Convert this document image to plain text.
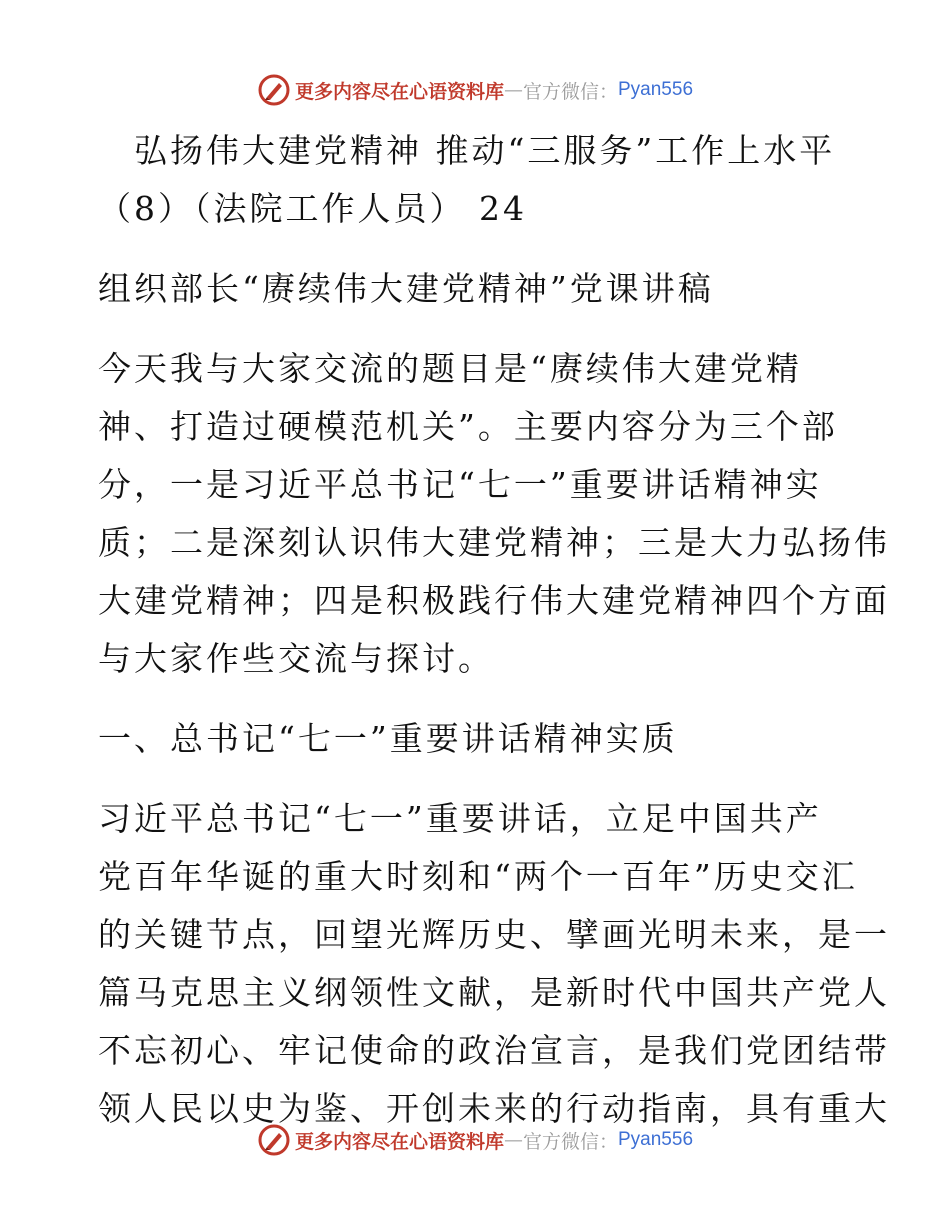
更多内容尽在心语资料库 — 官方微信： Pyan556
　弘扬伟大建党精神 推动“三服务”工作上水平
（8）（法院工作人员） 24
组织部长“赓续伟大建党精神”党课讲稿
今天我与大家交流的题目是“赓续伟大建党精
神、打造过硬模范机关”。主要内容分为三个部
分，一是习近平总书记“七一”重要讲话精神实
质；二是深刻认识伟大建党精神；三是大力弘扬伟
大建党精神；四是积极践行伟大建党精神四个方面
与大家作些交流与探讨。
一、总书记“七一”重要讲话精神实质
习近平总书记“七一”重要讲话，立足中国共产
党百年华诞的重大时刻和“两个一百年”历史交汇
的关键节点，回望光辉历史、擘画光明未来，是一
篇马克思主义纲领性文献，是新时代中国共产党人
不忘初心、牢记使命的政治宣言，是我们党团结带
领人民以史为鉴、开创未来的行动指南，具有重大
更多内容尽在心语资料库 — 官方微信： Pyan556
